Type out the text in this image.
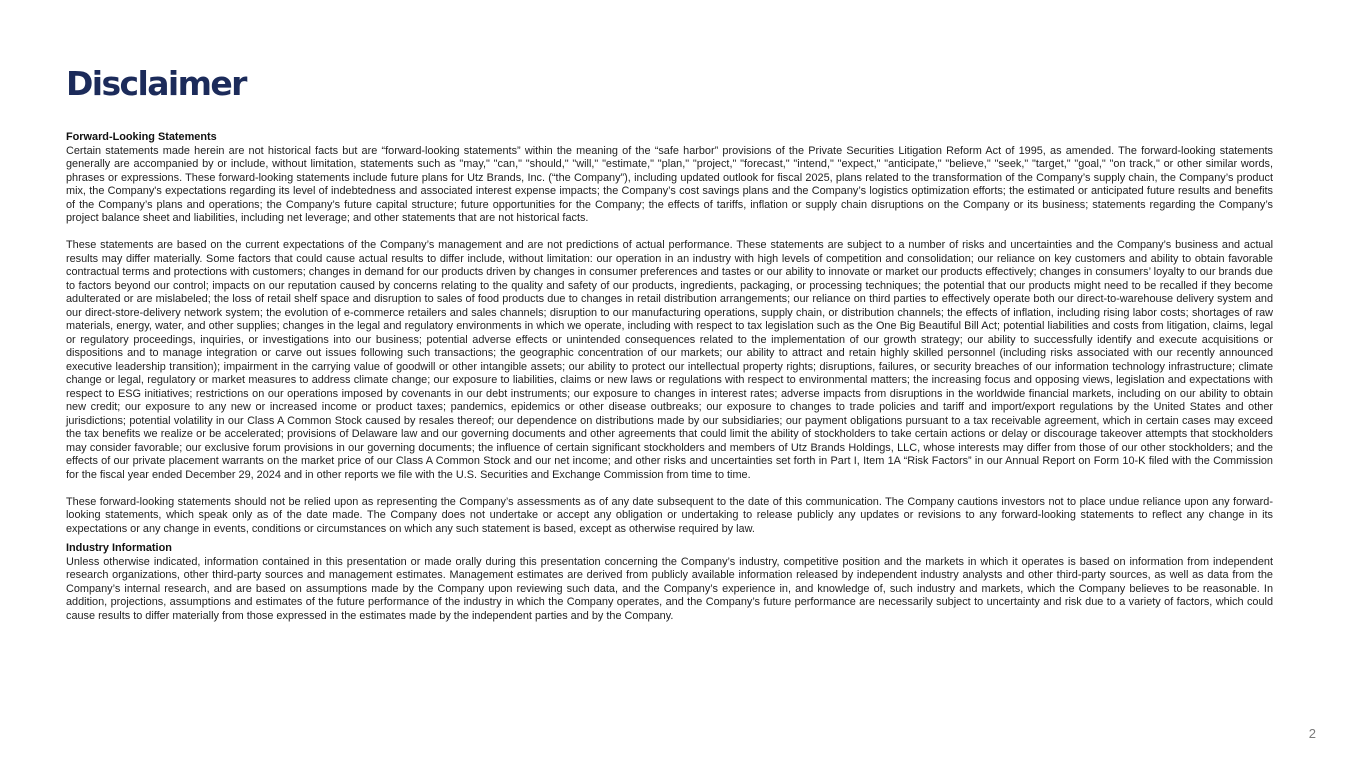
Disclaimer

Forward-Looking Statements

Certain statements made herein are not historical facts but are “forward-looking statements” within the meaning of the “safe harbor” provisions of the Private Securities Litigation Reform Act of 1995, as amended. The forward-looking statements generally are accompanied by or include, without limitation, statements such as "may," "can," "should," "will," "estimate," "plan," "project," "forecast," "intend," "expect," "anticipate," "believe," "seek," "target," "goal," "on track," or other similar words, phrases or expressions. These forward-looking statements include future plans for Utz Brands, Inc. (“the Company”), including updated outlook for fiscal 2025, plans related to the transformation of the Company’s supply chain, the Company’s product mix, the Company's expectations regarding its level of indebtedness and associated interest expense impacts; the Company’s cost savings plans and the Company’s logistics optimization efforts; the estimated or anticipated future results and benefits of the Company’s plans and operations; the Company’s future capital structure; future opportunities for the Company; the effects of tariffs, inflation or supply chain disruptions on the Company or its business; statements regarding the Company’s project balance sheet and liabilities, including net leverage; and other statements that are not historical facts.

These statements are based on the current expectations of the Company’s management and are not predictions of actual performance. These statements are subject to a number of risks and uncertainties and the Company’s business and actual results may differ materially. Some factors that could cause actual results to differ include, without limitation: our operation in an industry with high levels of competition and consolidation; our reliance on key customers and ability to obtain favorable contractual terms and protections with customers; changes in demand for our products driven by changes in consumer preferences and tastes or our ability to innovate or market our products effectively; changes in consumers’ loyalty to our brands due to factors beyond our control; impacts on our reputation caused by concerns relating to the quality and safety of our products, ingredients, packaging, or processing techniques; the potential that our products might need to be recalled if they become adulterated or are mislabeled; the loss of retail shelf space and disruption to sales of food products due to changes in retail distribution arrangements; our reliance on third parties to effectively operate both our direct-to-warehouse delivery system and our direct-store-delivery network system; the evolution of e-commerce retailers and sales channels; disruption to our manufacturing operations, supply chain, or distribution channels; the effects of inflation, including rising labor costs; shortages of raw materials, energy, water, and other supplies; changes in the legal and regulatory environments in which we operate, including with respect to tax legislation such as the One Big Beautiful Bill Act; potential liabilities and costs from litigation, claims, legal or regulatory proceedings, inquiries, or investigations into our business; potential adverse effects or unintended consequences related to the implementation of our growth strategy; our ability to successfully identify and execute acquisitions or dispositions and to manage integration or carve out issues following such transactions; the geographic concentration of our markets; our ability to attract and retain highly skilled personnel (including risks associated with our recently announced executive leadership transition); impairment in the carrying value of goodwill or other intangible assets; our ability to protect our intellectual property rights; disruptions, failures, or security breaches of our information technology infrastructure; climate change or legal, regulatory or market measures to address climate change; our exposure to liabilities, claims or new laws or regulations with respect to environmental matters; the increasing focus and opposing views, legislation and expectations with respect to ESG initiatives; restrictions on our operations imposed by covenants in our debt instruments; our exposure to changes in interest rates; adverse impacts from disruptions in the worldwide financial markets, including on our ability to obtain new credit; our exposure to any new or increased income or product taxes; pandemics, epidemics or other disease outbreaks; our exposure to changes to trade policies and tariff and import/export regulations by the United States and other jurisdictions; potential volatility in our Class A Common Stock caused by resales thereof; our dependence on distributions made by our subsidiaries; our payment obligations pursuant to a tax receivable agreement, which in certain cases may exceed the tax benefits we realize or be accelerated; provisions of Delaware law and our governing documents and other agreements that could limit the ability of stockholders to take certain actions or delay or discourage takeover attempts that stockholders may consider favorable; our exclusive forum provisions in our governing documents; the influence of certain significant stockholders and members of Utz Brands Holdings, LLC, whose interests may differ from those of our other stockholders; and the effects of our private placement warrants on the market price of our Class A Common Stock and our net income; and other risks and uncertainties set forth in Part I, Item 1A “Risk Factors” in our Annual Report on Form 10-K filed with the Commission for the fiscal year ended December 29, 2024 and in other reports we file with the U.S. Securities and Exchange Commission from time to time.

These forward-looking statements should not be relied upon as representing the Company’s assessments as of any date subsequent to the date of this communication. The Company cautions investors not to place undue reliance upon any forward-looking statements, which speak only as of the date made. The Company does not undertake or accept any obligation or undertaking to release publicly any updates or revisions to any forward-looking statements to reflect any change in its expectations or any change in events, conditions or circumstances on which any such statement is based, except as otherwise required by law.

Industry Information

Unless otherwise indicated, information contained in this presentation or made orally during this presentation concerning the Company’s industry, competitive position and the markets in which it operates is based on information from independent research organizations, other third-party sources and management estimates. Management estimates are derived from publicly available information released by independent industry analysts and other third-party sources, as well as data from the Company’s internal research, and are based on assumptions made by the Company upon reviewing such data, and the Company’s experience in, and knowledge of, such industry and markets, which the Company believes to be reasonable. In addition, projections, assumptions and estimates of the future performance of the industry in which the Company operates, and the Company’s future performance are necessarily subject to uncertainty and risk due to a variety of factors, which could cause results to differ materially from those expressed in the estimates made by the independent parties and by the Company.

2
